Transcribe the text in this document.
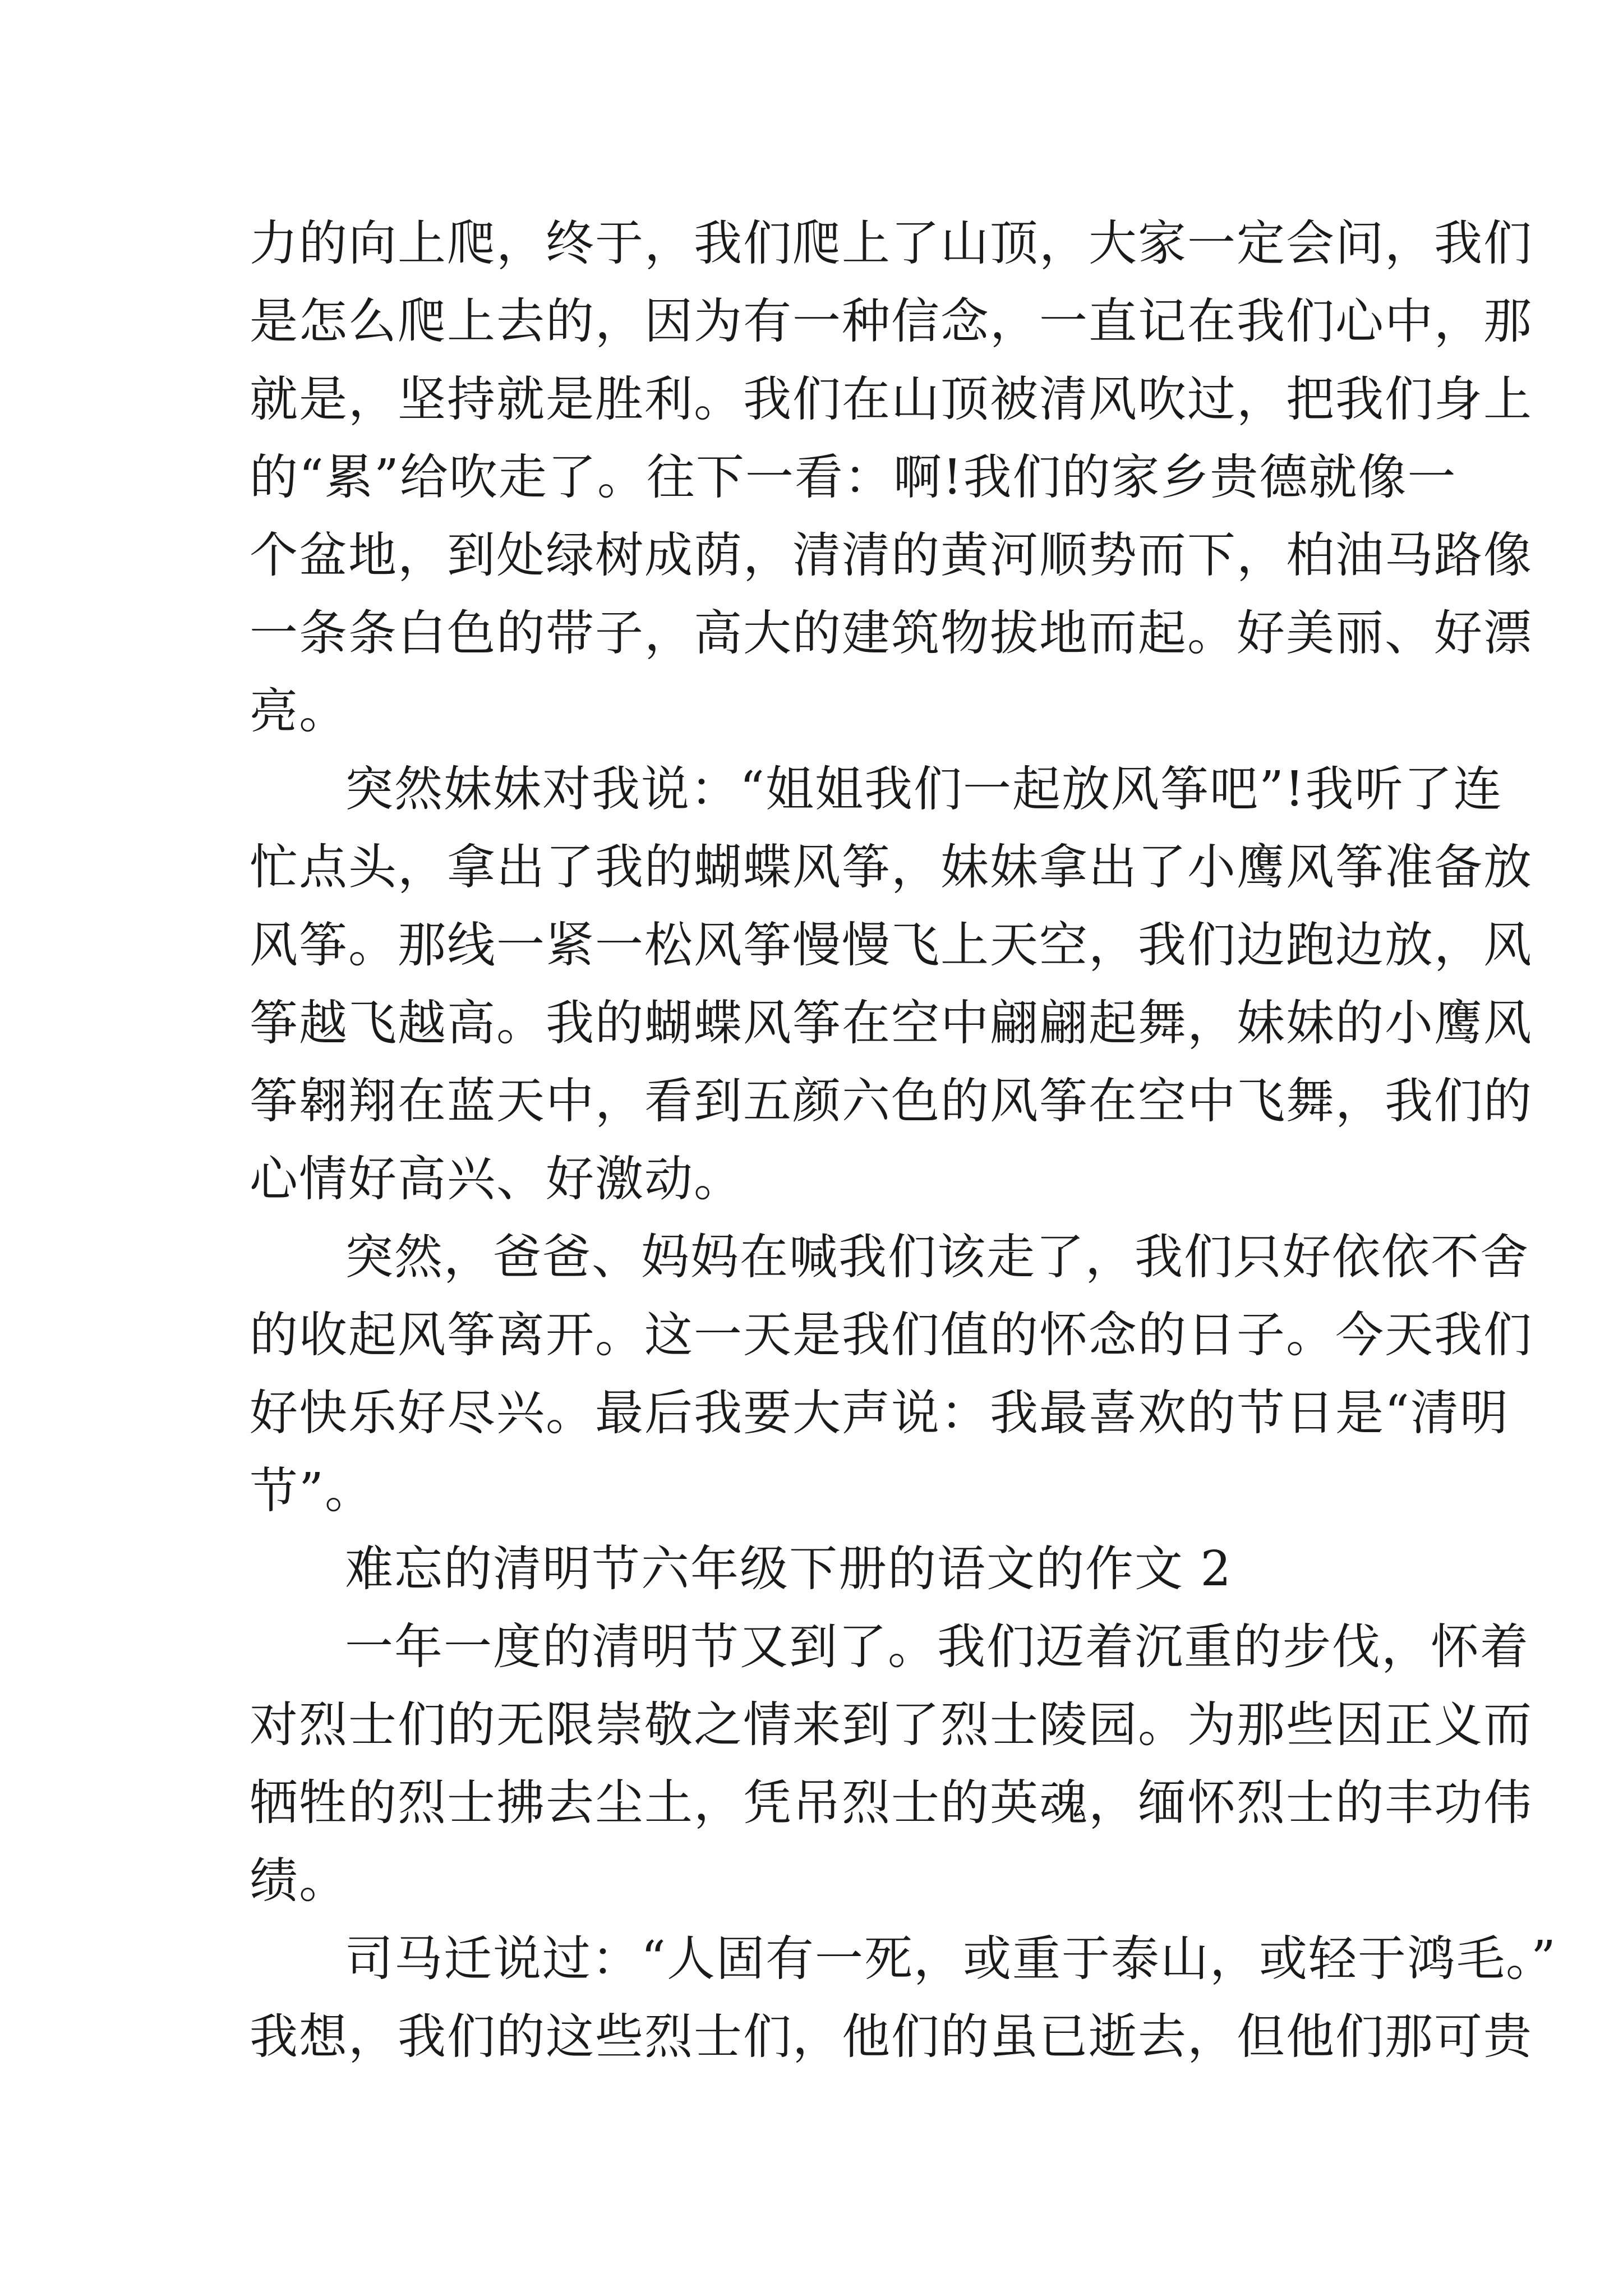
力的向上爬，终于，我们爬上了山顶，大家一定会问，我们
是怎么爬上去的，因为有一种信念，一直记在我们心中，那
就是，坚持就是胜利。我们在山顶被清风吹过，把我们身上
的“累”给吹走了。往下一看：啊!我们的家乡贵德就像一
个盆地，到处绿树成荫，清清的黄河顺势而下，柏油马路像
一条条白色的带子，高大的建筑物拔地而起。好美丽、好漂
亮。
突然妹妹对我说：“姐姐我们一起放风筝吧”!我听了连
忙点头，拿出了我的蝴蝶风筝，妹妹拿出了小鹰风筝准备放
风筝。那线一紧一松风筝慢慢飞上天空，我们边跑边放，风
筝越飞越高。我的蝴蝶风筝在空中翩翩起舞，妹妹的小鹰风
筝翱翔在蓝天中，看到五颜六色的风筝在空中飞舞，我们的
心情好高兴、好激动。
突然，爸爸、妈妈在喊我们该走了，我们只好依依不舍
的收起风筝离开。这一天是我们值的怀念的日子。今天我们
好快乐好尽兴。最后我要大声说：我最喜欢的节日是“清明
节”。
难忘的清明节六年级下册的语文的作文 2
一年一度的清明节又到了。我们迈着沉重的步伐，怀着
对烈士们的无限崇敬之情来到了烈士陵园。为那些因正义而
牺牲的烈士拂去尘土，凭吊烈士的英魂，缅怀烈士的丰功伟
绩。
司马迁说过：“人固有一死，或重于泰山，或轻于鸿毛。”
我想，我们的这些烈士们，他们的虽已逝去，但他们那可贵
